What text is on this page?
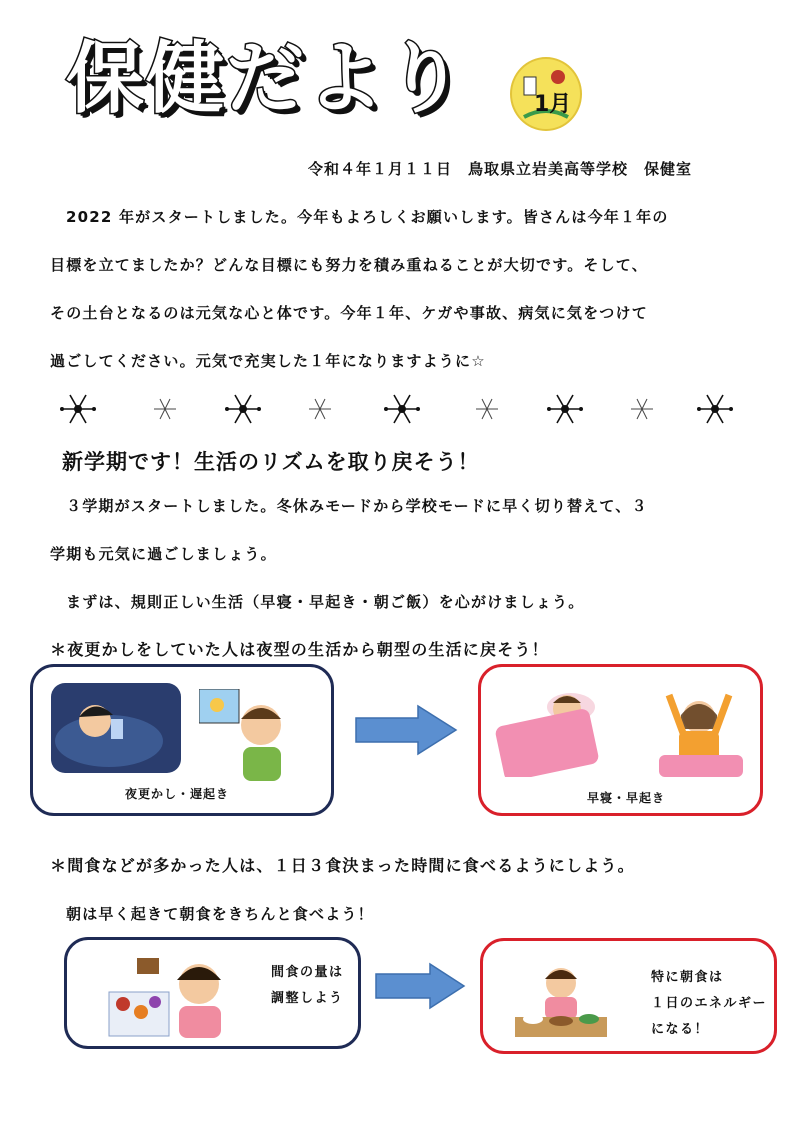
保健だより	1月
令和４年１月１１日　鳥取県立岩美高等学校　保健室
2022 年がスタートしました。今年もよろしくお願いします。皆さんは今年１年の
目標を立てましたか？どんな目標にも努力を積み重ねることが大切です。そして、
その土台となるのは元気な心と体です。今年１年、ケガや事故、病気に気をつけて
過ごしてください。元気で充実した１年になりますように☆
新学期です！生活のリズムを取り戻そう！
３学期がスタートしました。冬休みモードから学校モードに早く切り替えて、３
学期も元気に過ごしましょう。
まずは、規則正しい生活（早寝・早起き・朝ご飯）を心がけましょう。
＊夜更かしをしていた人は夜型の生活から朝型の生活に戻そう！
夜更かし・遅起き	早寝・早起き
＊間食などが多かった人は、１日３食決まった時間に食べるようにしよう。
朝は早く起きて朝食をきちんと食べよう！
間食の量は
調整しよう
特に朝食は
１日のエネルギー
になる！
